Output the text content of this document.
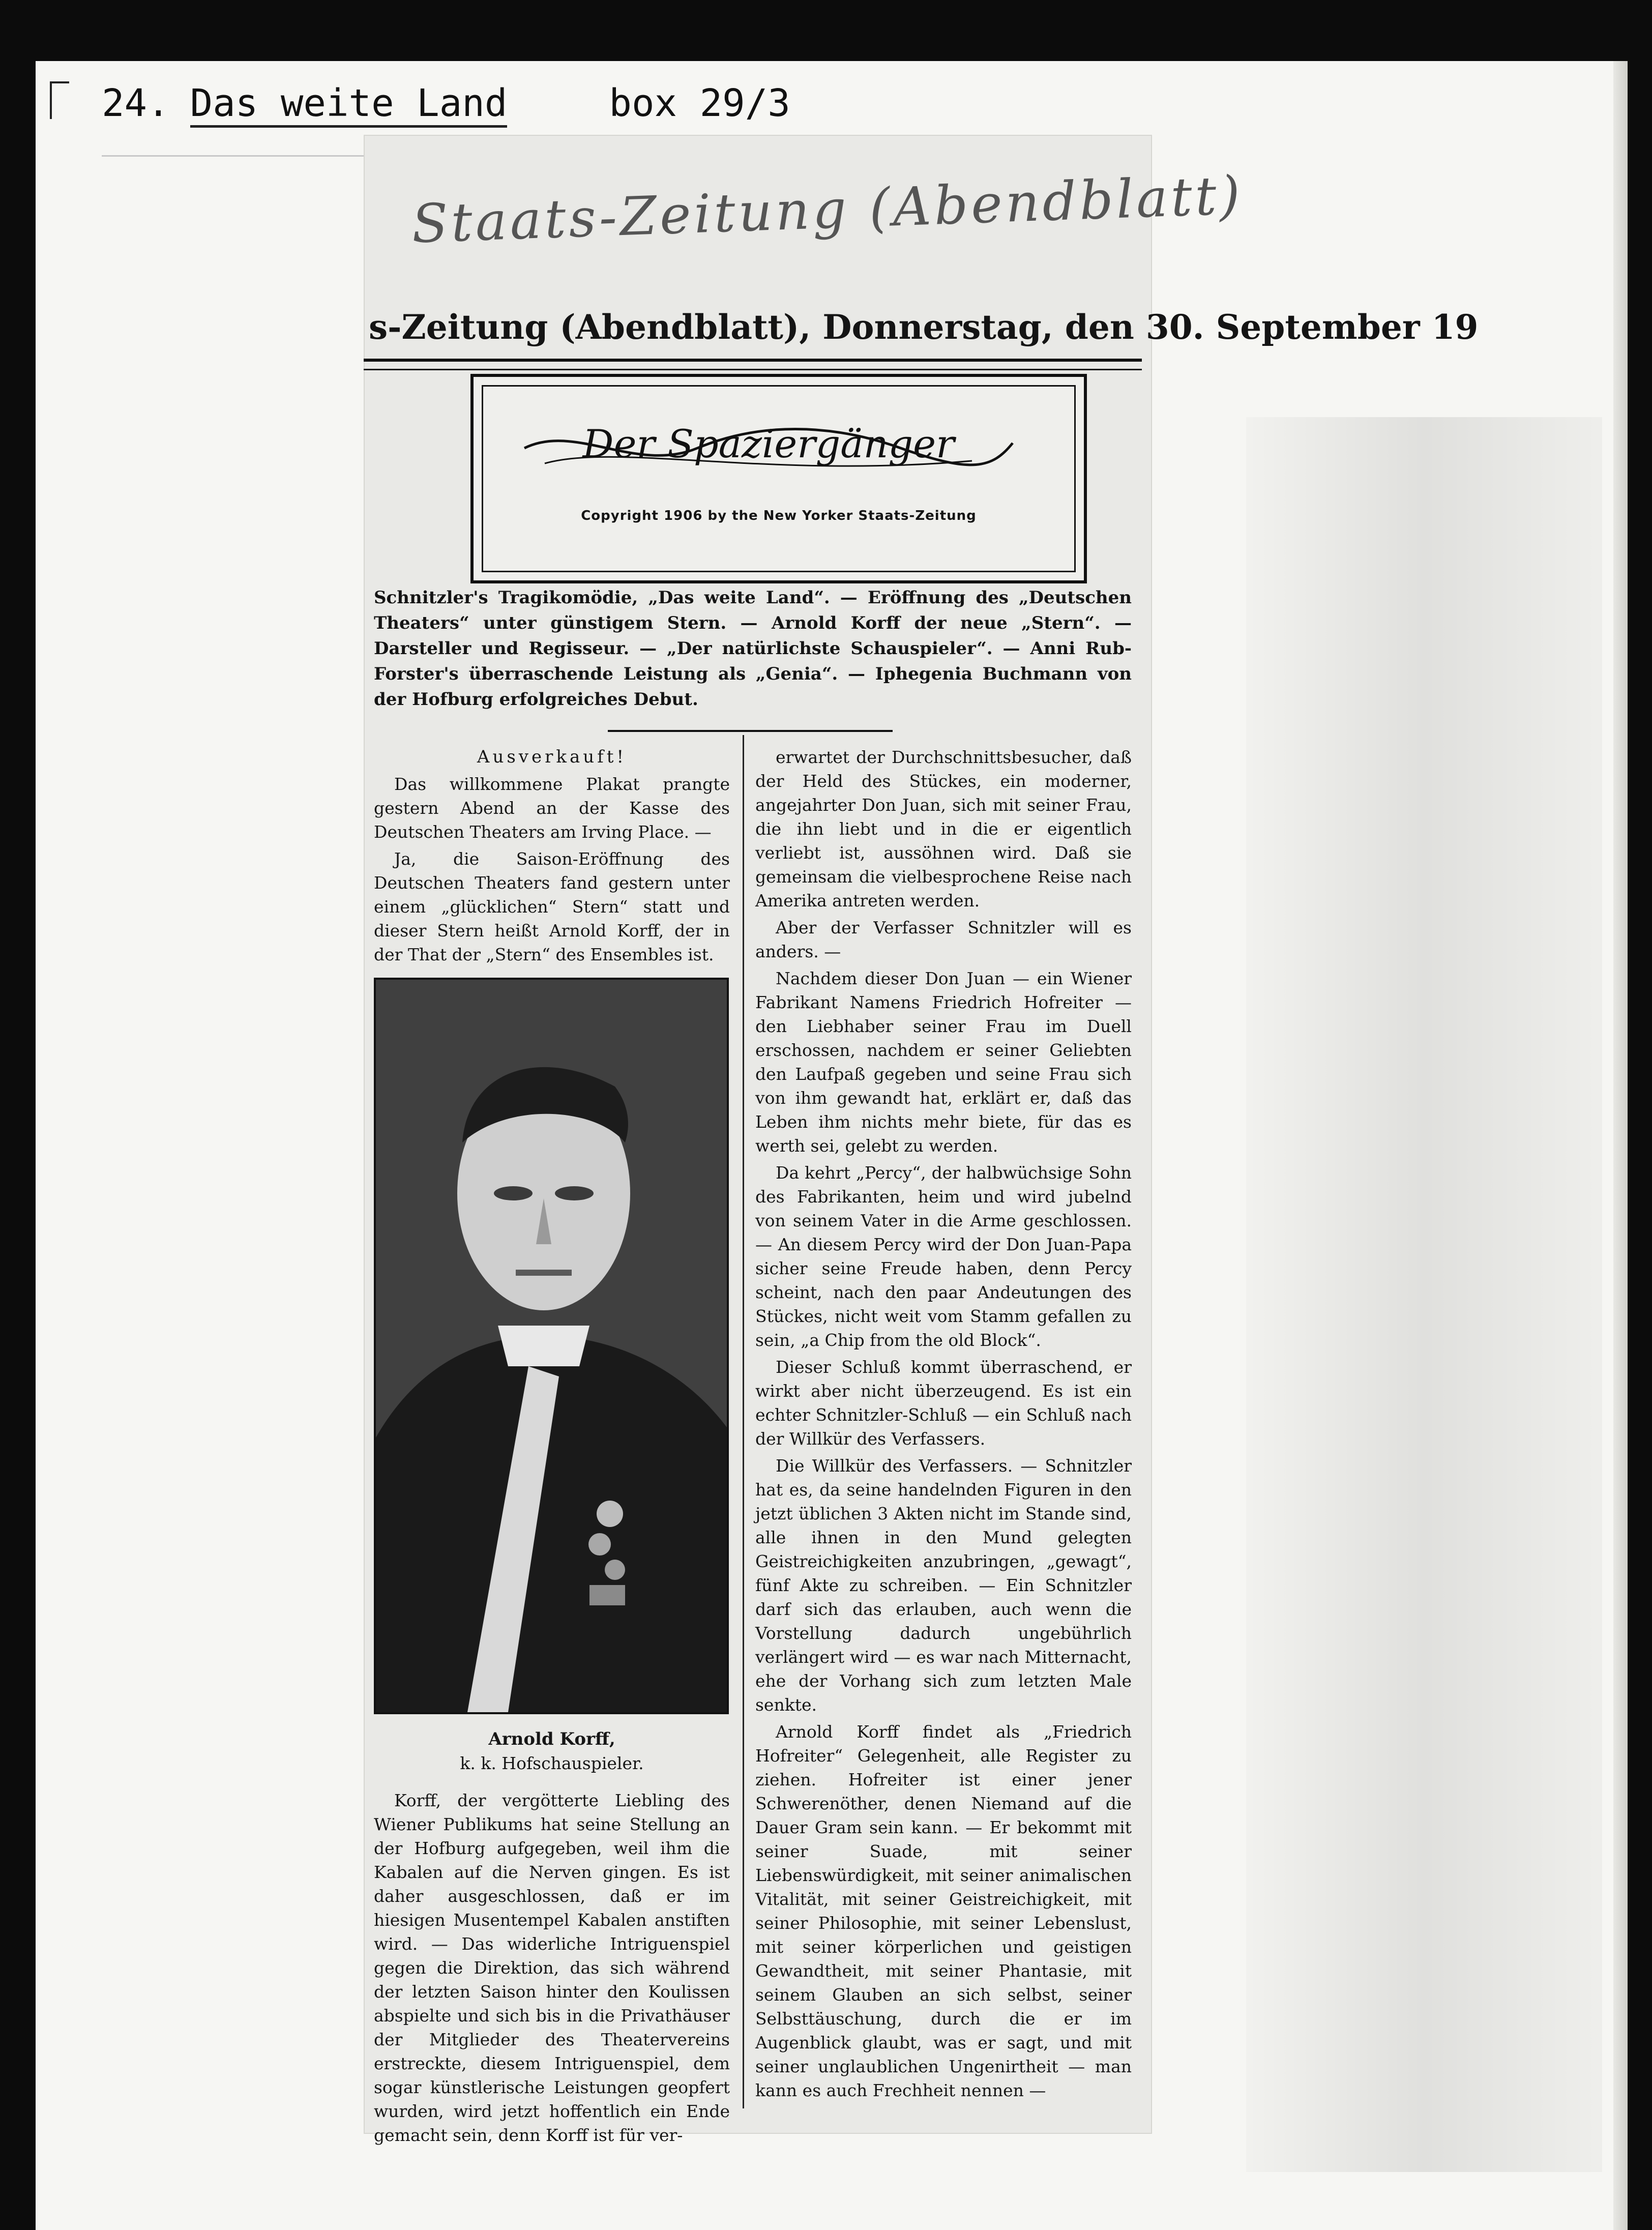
24. Das weite Land	box 29/3
Staats-Zeitung (Abendblatt)
s-Zeitung (Abendblatt), Donnerstag, den 30. September 19
Der Spaziergänger
Copyright 1906 by the New Yorker Staats-Zeitung
Schnitzler's Tragikomödie, „Das weite Land“. — Eröffnung des „Deutschen Theaters“ unter günstigem Stern. — Arnold Korff der neue „Stern“. — Darsteller und Regisseur. — „Der natürlichste Schauspieler“. — Anni Rub-Forster's überraschende Leistung als „Genia“. — Iphegenia Buchmann von der Hofburg erfolgreiches Debut.

Ausverkauft!

Das willkommene Plakat prangte gestern Abend an der Kasse des Deutschen Theaters am Irving Place. —

Ja, die Saison-Eröffnung des Deutschen Theaters fand gestern unter einem „glücklichen“ Stern“ statt und dieser Stern heißt Arnold Korff, der in der That der „Stern“ des Ensembles ist.

Arnold Korff,
k. k. Hofschauspieler.

Korff, der vergötterte Liebling des Wiener Publikums hat seine Stellung an der Hofburg aufgegeben, weil ihm die Kabalen auf die Nerven gingen. Es ist daher ausgeschlossen, daß er im hiesigen Musentempel Kabalen anstiften wird. — Das widerliche Intriguenspiel gegen die Direktion, das sich während der letzten Saison hinter den Koulissen abspielte und sich bis in die Privathäuser der Mitglieder des Theatervereins erstreckte, diesem Intriguenspiel, dem sogar künstlerische Leistungen geopfert wurden, wird jetzt hoffentlich ein Ende gemacht sein, denn Korff ist für ver-

erwartet der Durchschnittsbesucher, daß der Held des Stückes, ein moderner, angejahrter Don Juan, sich mit seiner Frau, die ihn liebt und in die er eigentlich verliebt ist, aussöhnen wird. Daß sie gemeinsam die vielbesprochene Reise nach Amerika antreten werden.

Aber der Verfasser Schnitzler will es anders. —

Nachdem dieser Don Juan — ein Wiener Fabrikant Namens Friedrich Hofreiter — den Liebhaber seiner Frau im Duell erschossen, nachdem er seiner Geliebten den Laufpaß gegeben und seine Frau sich von ihm gewandt hat, erklärt er, daß das Leben ihm nichts mehr biete, für das es werth sei, gelebt zu werden.

Da kehrt „Percy“, der halbwüchsige Sohn des Fabrikanten, heim und wird jubelnd von seinem Vater in die Arme geschlossen. — An diesem Percy wird der Don Juan-Papa sicher seine Freude haben, denn Percy scheint, nach den paar Andeutungen des Stückes, nicht weit vom Stamm gefallen zu sein, „a Chip from the old Block“.

Dieser Schluß kommt überraschend, er wirkt aber nicht überzeugend. Es ist ein echter Schnitzler-Schluß — ein Schluß nach der Willkür des Verfassers.

Die Willkür des Verfassers. — Schnitzler hat es, da seine handelnden Figuren in den jetzt üblichen 3 Akten nicht im Stande sind, alle ihnen in den Mund gelegten Geistreichigkeiten anzubringen, „gewagt“, fünf Akte zu schreiben. — Ein Schnitzler darf sich das erlauben, auch wenn die Vorstellung dadurch ungebührlich verlängert wird — es war nach Mitternacht, ehe der Vorhang sich zum letzten Male senkte.

Arnold Korff findet als „Friedrich Hofreiter“ Gelegenheit, alle Register zu ziehen. Hofreiter ist einer jener Schwerenöther, denen Niemand auf die Dauer Gram sein kann. — Er bekommt mit seiner Suade, mit seiner Liebenswürdigkeit, mit seiner animalischen Vitalität, mit seiner Geistreichigkeit, mit seiner Philosophie, mit seiner Lebenslust, mit seiner körperlichen und geistigen Gewandtheit, mit seiner Phantasie, mit seinem Glauben an sich selbst, seiner Selbsttäuschung, durch die er im Augenblick glaubt, was er sagt, und mit seiner unglaublichen Ungenirtheit — man kann es auch Frechheit nennen —
